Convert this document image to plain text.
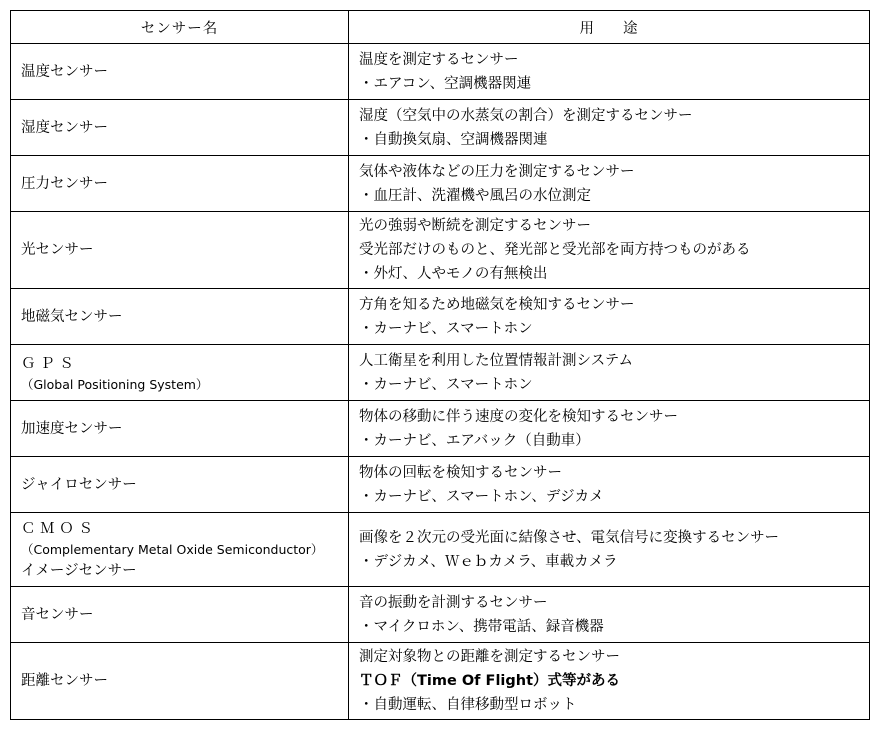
センサー名	用 途

温度センサー	温度を測定するセンサー
・エアコン、空調機器関連

湿度センサー	湿度（空気中の水蒸気の割合）を測定するセンサー
・自動換気扇、空調機器関連

圧力センサー	気体や液体などの圧力を測定するセンサー
・血圧計、洗濯機や風呂の水位測定

光センサー	光の強弱や断続を測定するセンサー
受光部だけのものと、発光部と受光部を両方持つものがある
・外灯、人やモノの有無検出

地磁気センサー	方角を知るため地磁気を検知するセンサー
・カーナビ、スマートホン

Ｇ Ｐ Ｓ
（Global Positioning System）	人工衛星を利用した位置情報計測システム
・カーナビ、スマートホン

加速度センサー	物体の移動に伴う速度の変化を検知するセンサー
・カーナビ、エアバック（自動車）

ジャイロセンサー	物体の回転を検知するセンサー
・カーナビ、スマートホン、デジカメ

Ｃ Ｍ Ｏ Ｓ
（Complementary Metal Oxide Semiconductor）
イメージセンサー	画像を２次元の受光面に結像させ、電気信号に変換するセンサー
・デジカメ、Ｗｅｂカメラ、車載カメラ

音センサー	音の振動を計測するセンサー
・マイクロホン、携帯電話、録音機器

距離センサー	測定対象物との距離を測定するセンサー
ＴＯＦ（Time Of Flight）式等がある
・自動運転、自律移動型ロボット
